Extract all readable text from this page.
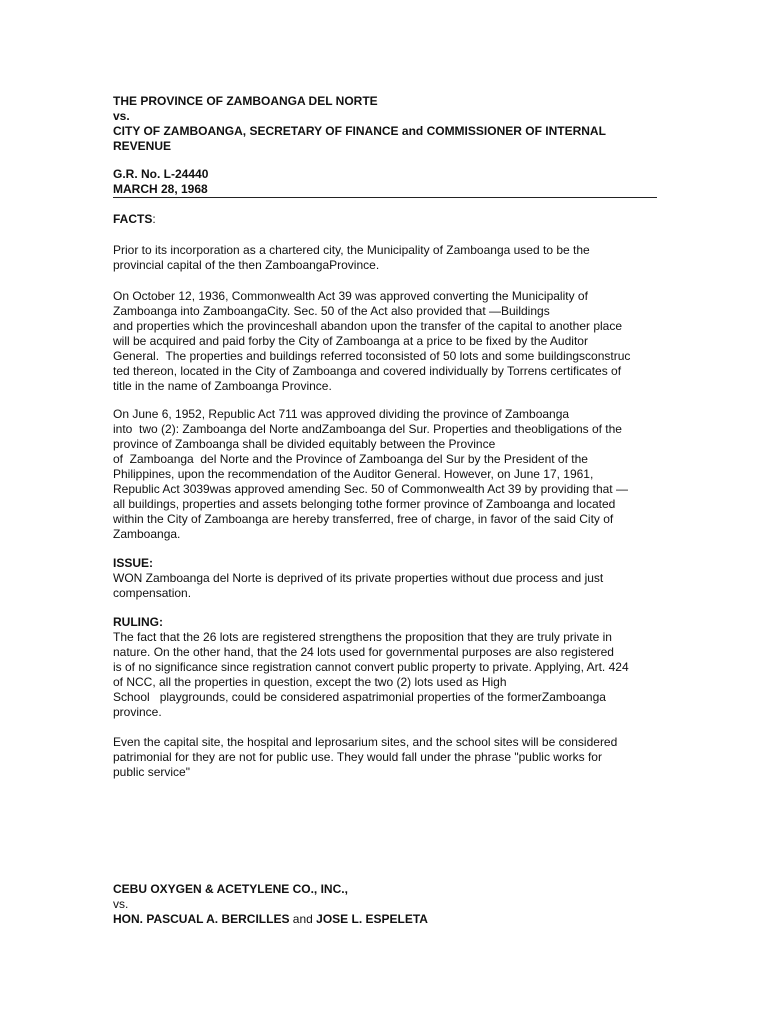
THE PROVINCE OF ZAMBOANGA DEL NORTE
vs.
CITY OF ZAMBOANGA, SECRETARY OF FINANCE and COMMISSIONER OF INTERNAL
REVENUE
G.R. No. L-24440
MARCH 28, 1968
FACTS:
Prior to its incorporation as a chartered city, the Municipality of Zamboanga used to be the
provincial capital of the then ZamboangaProvince.
On October 12, 1936, Commonwealth Act 39 was approved converting the Municipality of
Zamboanga into ZamboangaCity. Sec. 50 of the Act also provided that —Buildings
and properties which the provinceshall abandon upon the transfer of the capital to another place
will be acquired and paid forby the City of Zamboanga at a price to be fixed by the Auditor
General.  The properties and buildings referred toconsisted of 50 lots and some buildingsconstruc
ted thereon, located in the City of Zamboanga and covered individually by Torrens certificates of
title in the name of Zamboanga Province.
On June 6, 1952, Republic Act 711 was approved dividing the province of Zamboanga
into  two (2): Zamboanga del Norte andZamboanga del Sur. Properties and theobligations of the
province of Zamboanga shall be divided equitably between the Province
of  Zamboanga  del Norte and the Province of Zamboanga del Sur by the President of the
Philippines, upon the recommendation of the Auditor General. However, on June 17, 1961,
Republic Act 3039was approved amending Sec. 50 of Commonwealth Act 39 by providing that —
all buildings, properties and assets belonging tothe former province of Zamboanga and located
within the City of Zamboanga are hereby transferred, free of charge, in favor of the said City of
Zamboanga.
ISSUE:
WON Zamboanga del Norte is deprived of its private properties without due process and just
compensation.
RULING:
The fact that the 26 lots are registered strengthens the proposition that they are truly private in
nature. On the other hand, that the 24 lots used for governmental purposes are also registered
is of no significance since registration cannot convert public property to private. Applying, Art. 424
of NCC, all the properties in question, except the two (2) lots used as High
School   playgrounds, could be considered aspatrimonial properties of the formerZamboanga
province.
Even the capital site, the hospital and leprosarium sites, and the school sites will be considered
patrimonial for they are not for public use. They would fall under the phrase "public works for
public service"
CEBU OXYGEN & ACETYLENE CO., INC.,
vs.
HON. PASCUAL A. BERCILLES and JOSE L. ESPELETA
